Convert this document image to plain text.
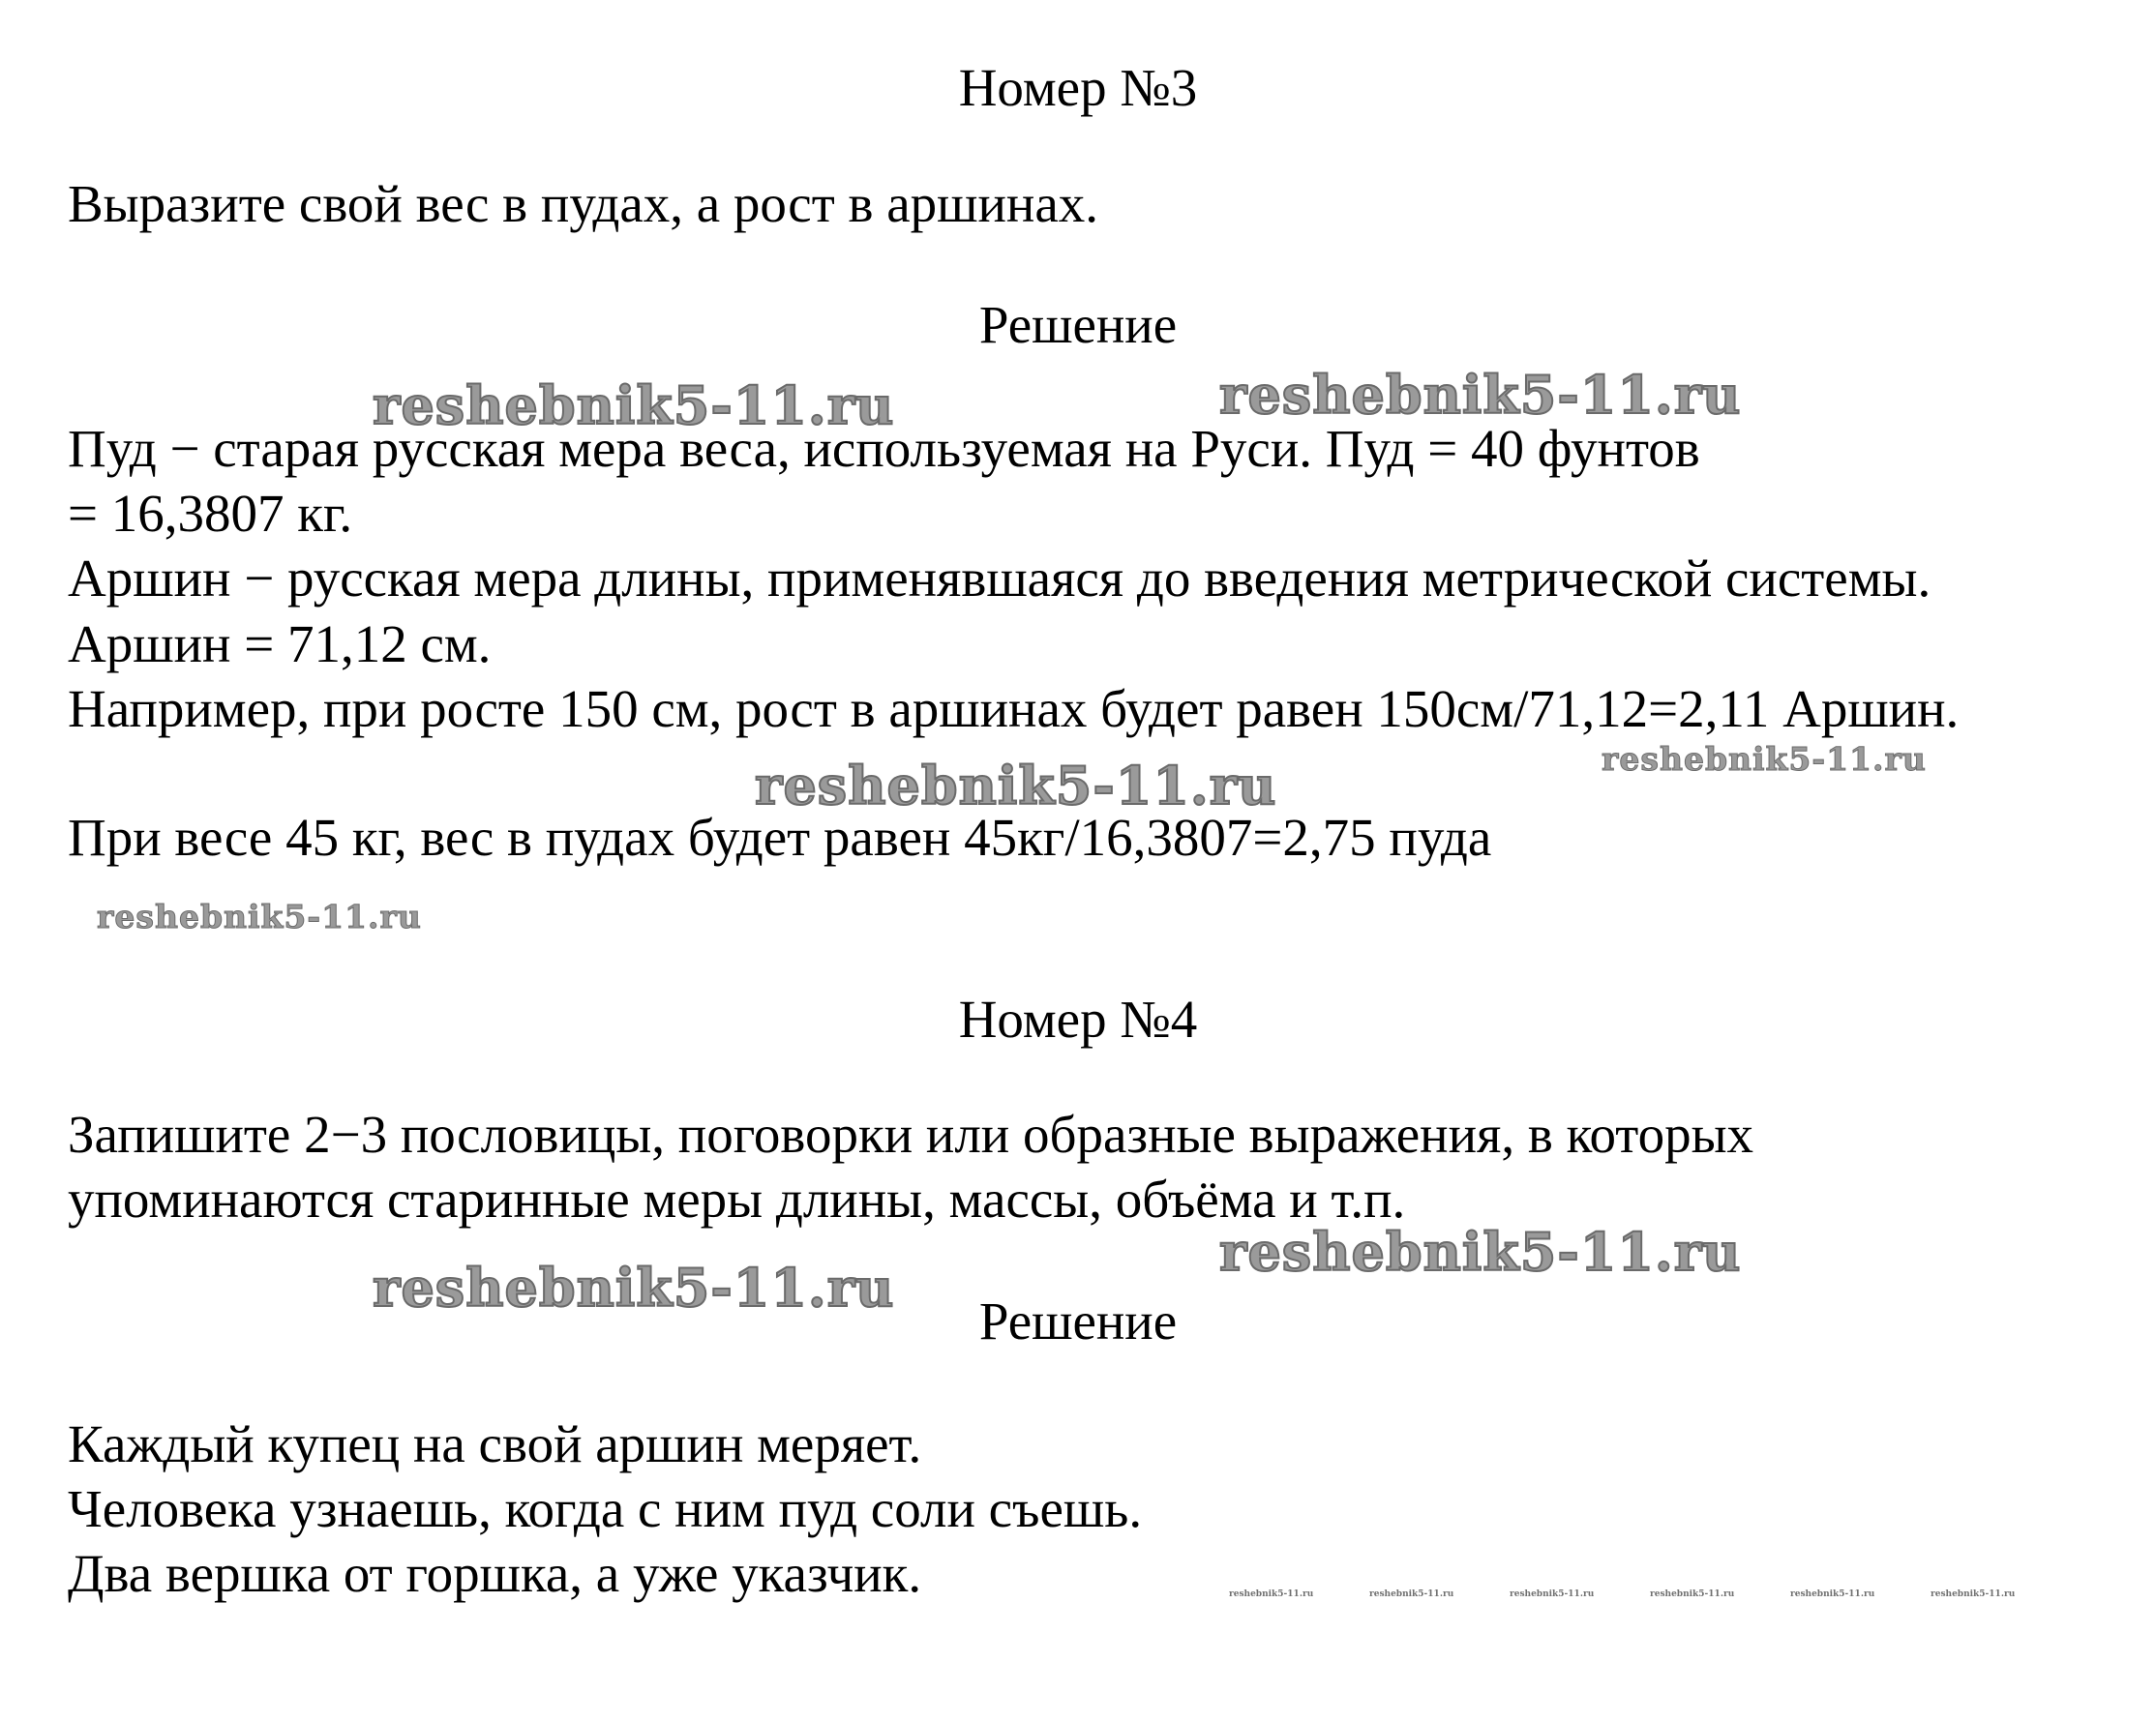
Номер №3
Выразите свой вес в пудах, а рост в аршинах.
Решение
Пуд − старая русская мера веса, используемая на Руси. Пуд = 40 фунтов
= 16,3807 кг.
Аршин − русская мера длины, применявшаяся до введения метрической системы.
Аршин = 71,12 см.
Например, при росте 150 см, рост в аршинах будет равен 150см/71,12=2,11 Аршин.
При весе 45 кг, вес в пудах будет равен 45кг/16,3807=2,75 пуда
Номер №4
Запишите 2−3 пословицы, поговорки или образные выражения, в которых
упоминаются старинные меры длины, массы, объёма и т.п.
Решение
Каждый купец на свой аршин меряет.
Человека узнаешь, когда с ним пуд соли съешь.
Два вершка от горшка, а уже указчик.
reshebnik5-11.ru	reshebnik5-11.ru
reshebnik5-11.ru	reshebnik5-11.ru
reshebnik5-11.ru
reshebnik5-11.ru
reshebnik5-11.ru
reshebnik5-11.ru	reshebnik5-11.ru	reshebnik5-11.ru	reshebnik5-11.ru	reshebnik5-11.ru	reshebnik5-11.ru
